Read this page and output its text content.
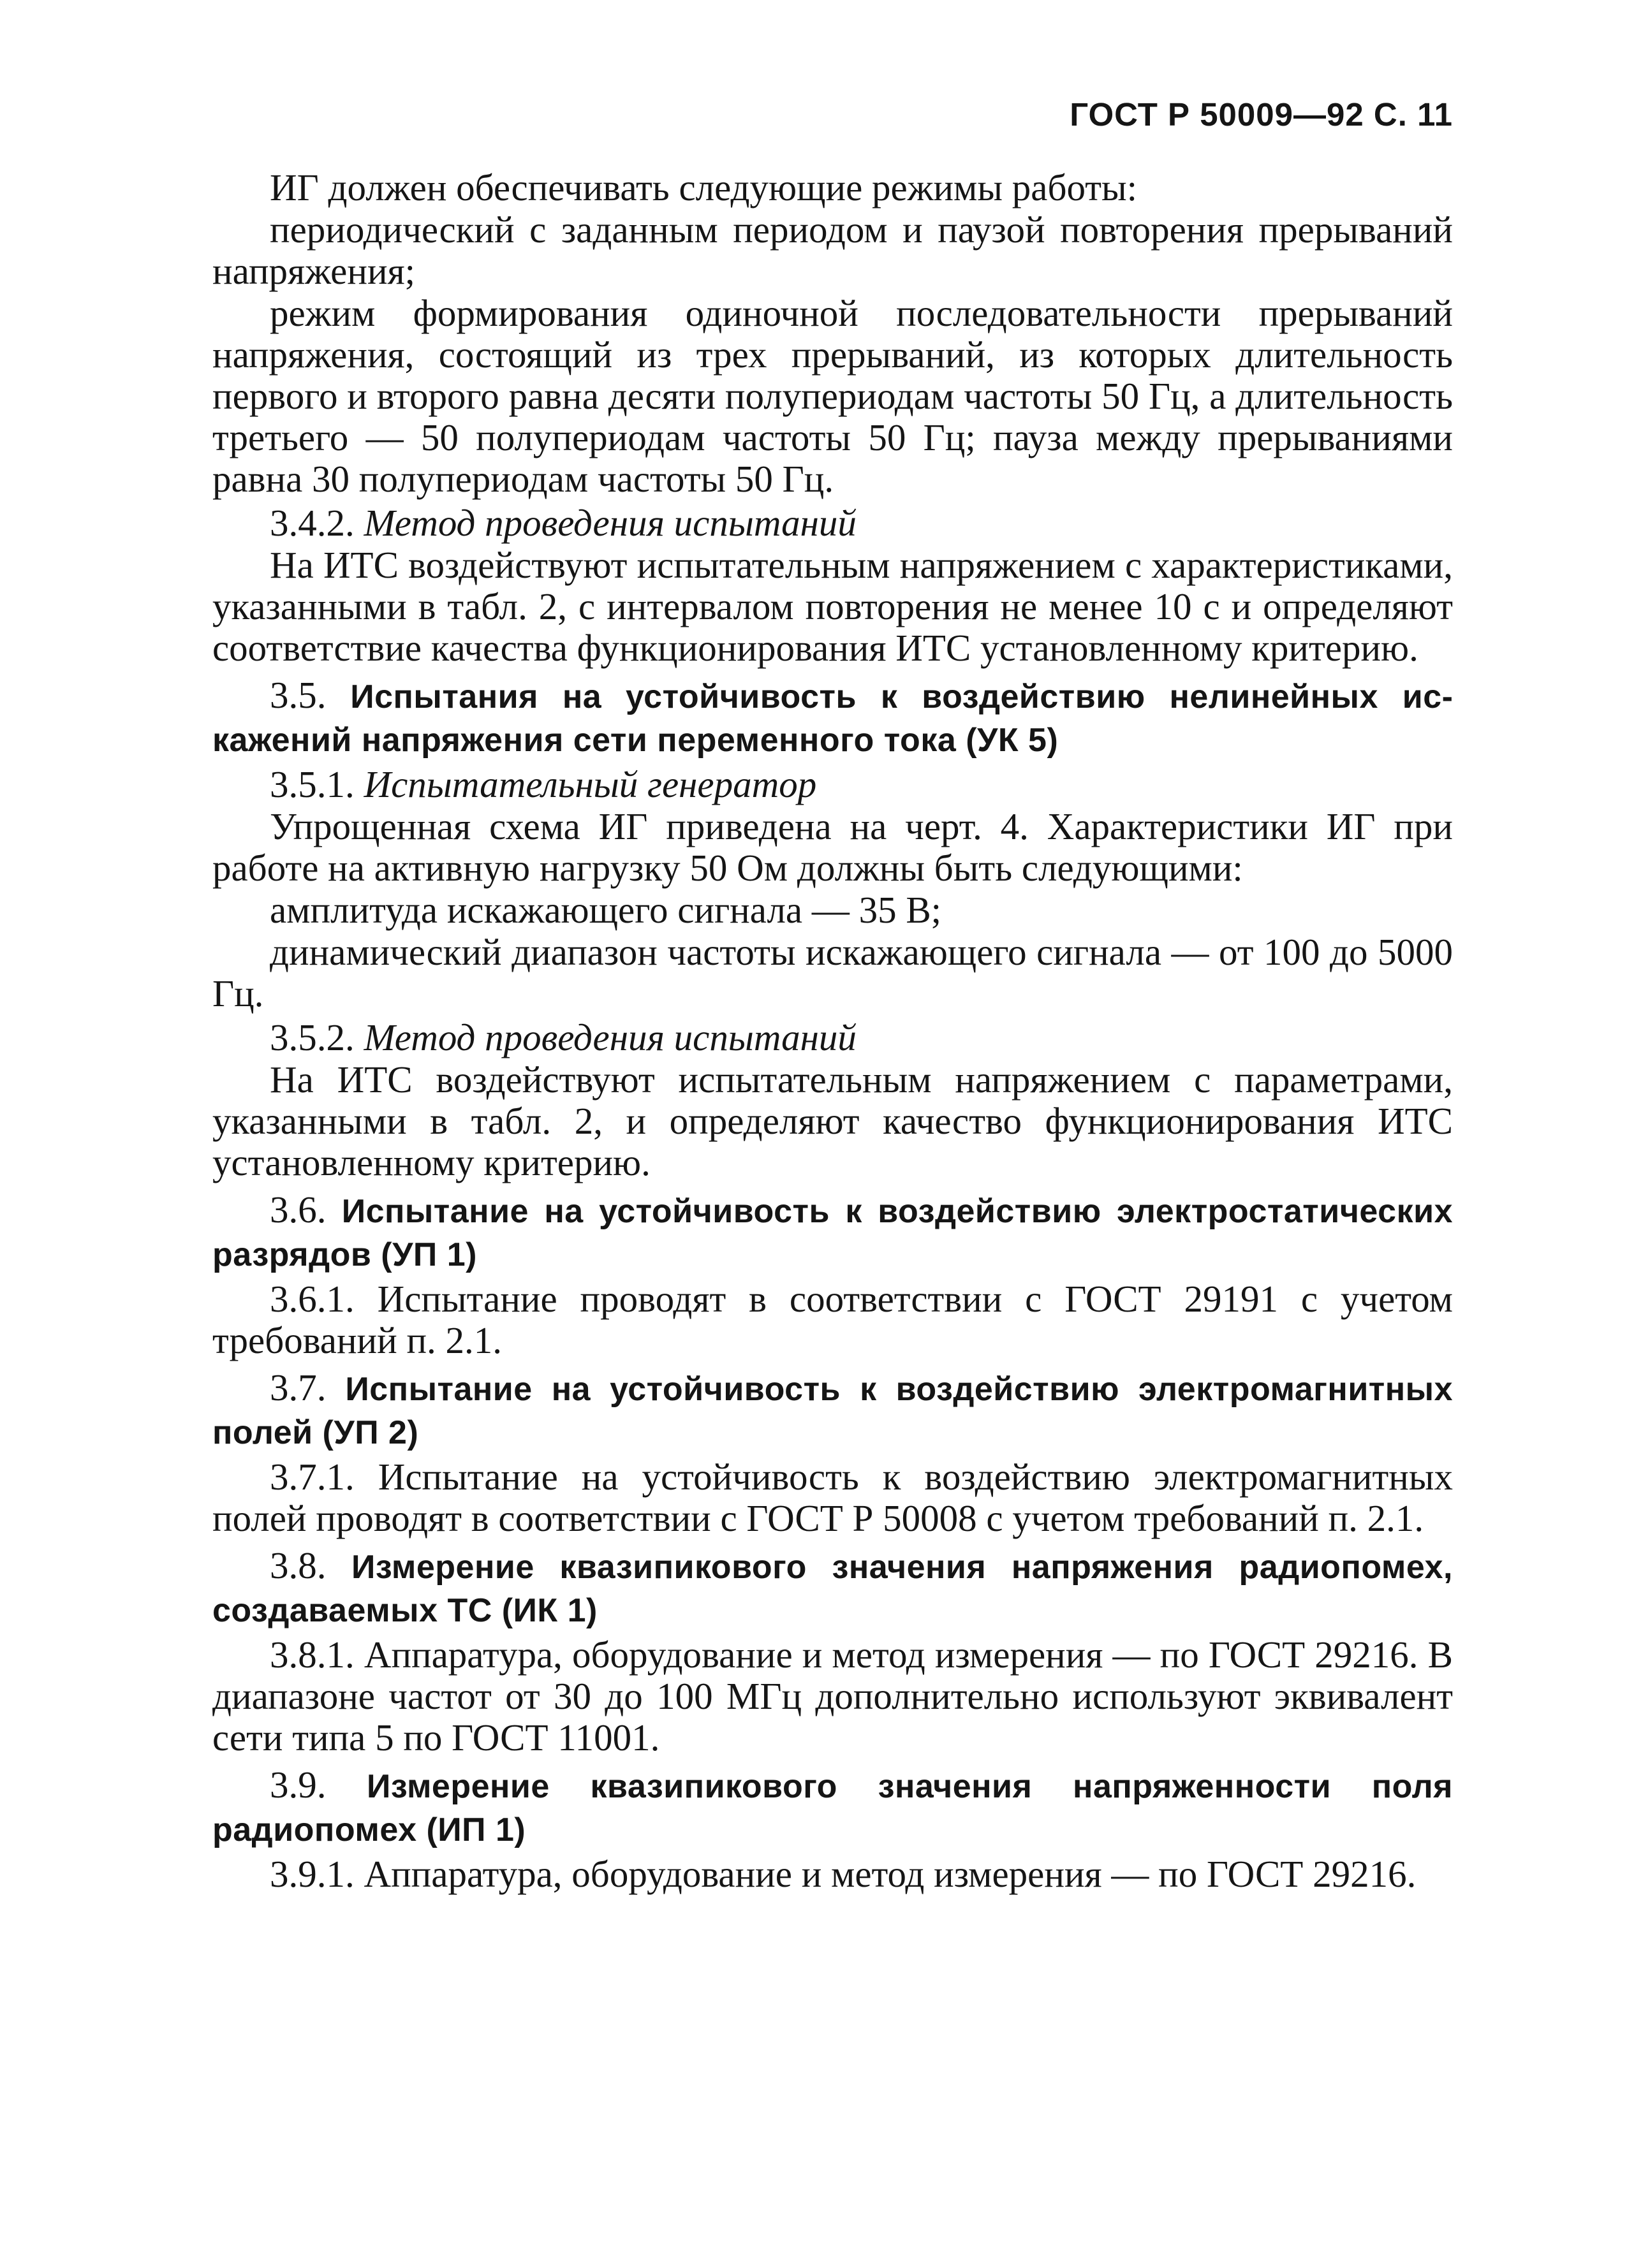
ГОСТ Р 50009—92 С. 11

ИГ должен обеспечивать следующие режимы работы:

периодический с заданным периодом и паузой повторения прерываний напряжения;

режим формирования одиночной последовательности прерываний напряжения, состоящий из трех прерываний, из которых длительность первого и второго равна десяти полупериодам частоты 50 Гц, а длительность третьего — 50 полупериодам частоты 50 Гц; пауза между прерываниями равна 30 полупериодам частоты 50 Гц.

3.4.2. Метод проведения испытаний

На ИТС воздействуют испытательным напряжением с характеристиками, указанными в табл. 2, с интервалом повторения не менее 10 с и определяют соответствие качества функционирования ИТС установленному критерию.

3.5. Испытания на устойчивость к воздействию нелинейных искажений напряжения сети переменного тока (УК 5)

3.5.1. Испытательный генератор

Упрощенная схема ИГ приведена на черт. 4. Характеристики ИГ при работе на активную нагрузку 50 Ом должны быть следующими:

амплитуда искажающего сигнала — 35 В;

динамический диапазон частоты искажающего сигнала — от 100 до 5000 Гц.

3.5.2. Метод проведения испытаний

На ИТС воздействуют испытательным напряжением с параметрами, указанными в табл. 2, и определяют качество функционирования ИТС установленному критерию.

3.6. Испытание на устойчивость к воздействию электростатических разрядов (УП 1)

3.6.1. Испытание проводят в соответствии с ГОСТ 29191 с учетом требований п. 2.1.

3.7. Испытание на устойчивость к воздействию электромагнитных полей (УП 2)

3.7.1. Испытание на устойчивость к воздействию электромагнитных полей проводят в соответствии с ГОСТ Р 50008 с учетом требований п. 2.1.

3.8. Измерение квазипикового значения напряжения радиопомех, создаваемых ТС (ИК 1)

3.8.1. Аппаратура, оборудование и метод измерения — по ГОСТ 29216. В диапазоне частот от 30 до 100 МГц дополнительно используют эквивалент сети типа 5 по ГОСТ 11001.

3.9. Измерение квазипикового значения напряженности поля радиопомех (ИП 1)

3.9.1. Аппаратура, оборудование и метод измерения — по ГОСТ 29216.
